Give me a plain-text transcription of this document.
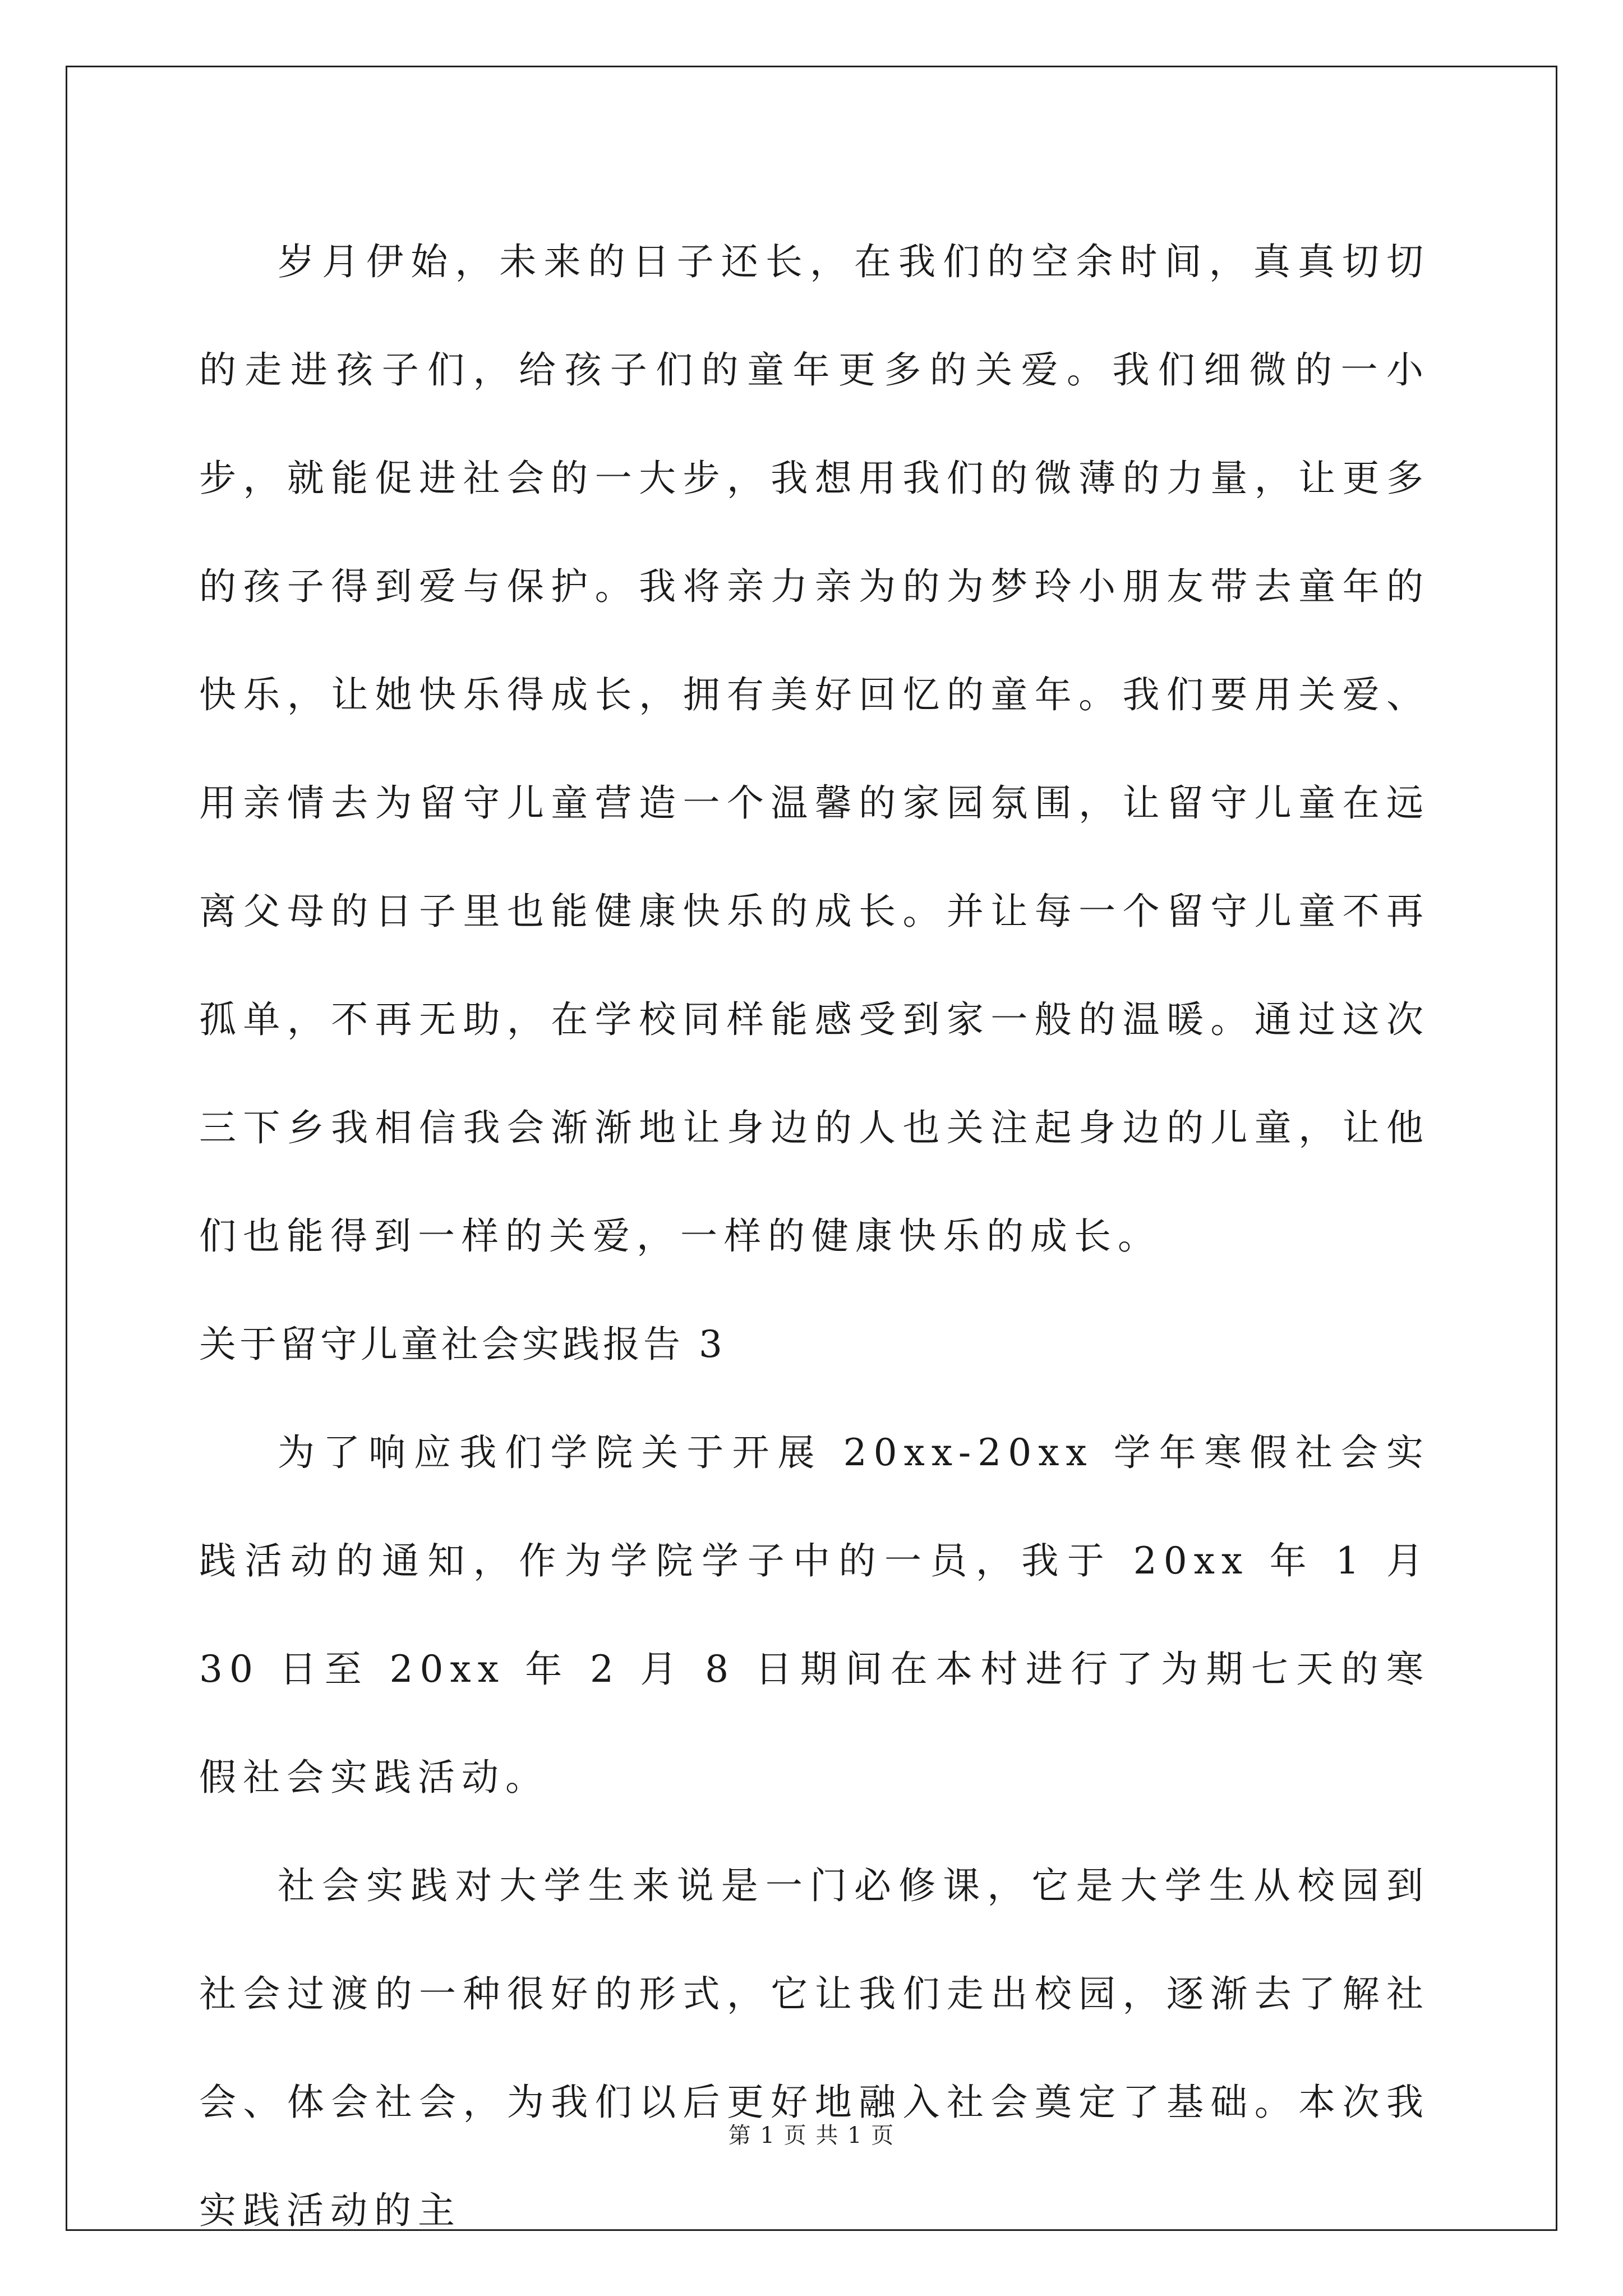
岁月伊始，未来的日子还长，在我们的空余时间，真真切切的走进孩子们，给孩子们的童年更多的关爱。我们细微的一小步，就能促进社会的一大步，我想用我们的微薄的力量，让更多的孩子得到爱与保护。我将亲力亲为的为梦玲小朋友带去童年的快乐，让她快乐得成长，拥有美好回忆的童年。我们要用关爱、用亲情去为留守儿童营造一个温馨的家园氛围，让留守儿童在远离父母的日子里也能健康快乐的成长。并让每一个留守儿童不再孤单，不再无助，在学校同样能感受到家一般的温暖。通过这次三下乡我相信我会渐渐地让身边的人也关注起身边的儿童，让他们也能得到一样的关爱，一样的健康快乐的成长。

关于留守儿童社会实践报告 3

为了响应我们学院关于开展 20xx-20xx 学年寒假社会实践活动的通知，作为学院学子中的一员，我于 20xx 年 1 月 30 日至 20xx 年 2 月 8 日期间在本村进行了为期七天的寒假社会实践活动。

社会实践对大学生来说是一门必修课，它是大学生从校园到社会过渡的一种很好的形式，它让我们走出校园，逐渐去了解社会、体会社会，为我们以后更好地融入社会奠定了基础。本次我实践活动的主

第 1 页 共 1 页
